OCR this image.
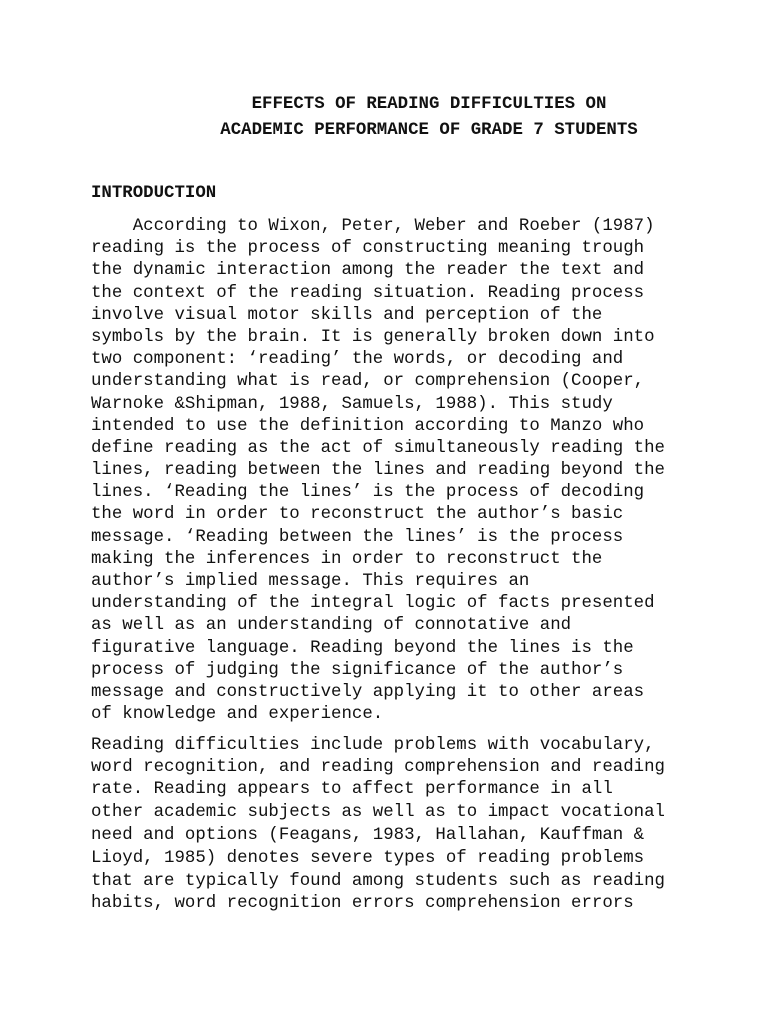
EFFECTS OF READING DIFFICULTIES ON
ACADEMIC PERFORMANCE OF GRADE 7 STUDENTS
INTRODUCTION
According to Wixon, Peter, Weber and Roeber (1987)
reading is the process of constructing meaning trough
the dynamic interaction among the reader the text and
the context of the reading situation. Reading process
involve visual motor skills and perception of the
symbols by the brain. It is generally broken down into
two component: ‘reading’ the words, or decoding and
understanding what is read, or comprehension (Cooper,
Warnoke &Shipman, 1988, Samuels, 1988). This study
intended to use the definition according to Manzo who
define reading as the act of simultaneously reading the
lines, reading between the lines and reading beyond the
lines. ‘Reading the lines’ is the process of decoding
the word in order to reconstruct the author’s basic
message. ‘Reading between the lines’ is the process
making the inferences in order to reconstruct the
author’s implied message. This requires an
understanding of the integral logic of facts presented
as well as an understanding of connotative and
figurative language. Reading beyond the lines is the
process of judging the significance of the author’s
message and constructively applying it to other areas
of knowledge and experience.
Reading difficulties include problems with vocabulary,
word recognition, and reading comprehension and reading
rate. Reading appears to affect performance in all
other academic subjects as well as to impact vocational
need and options (Feagans, 1983, Hallahan, Kauffman &
Lioyd, 1985) denotes severe types of reading problems
that are typically found among students such as reading
habits, word recognition errors comprehension errors
